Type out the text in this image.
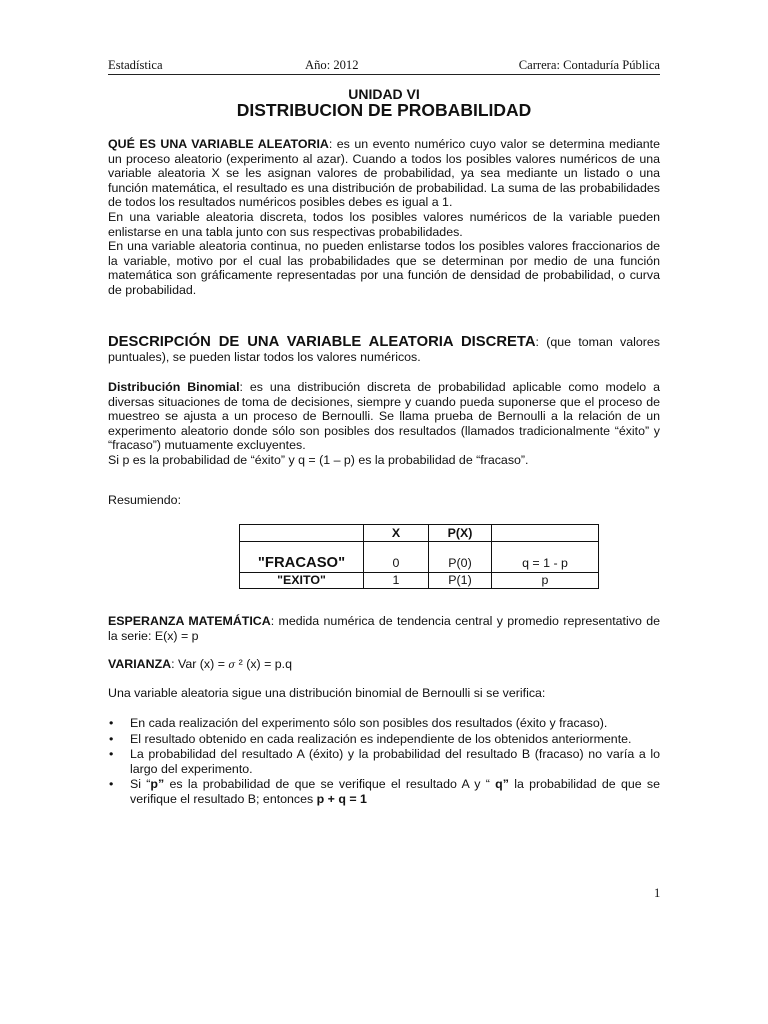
Estadística	Año: 2012	Carrera: Contaduría Pública
UNIDAD VI
DISTRIBUCION DE PROBABILIDAD

QUÉ ES UNA VARIABLE ALEATORIA: es un evento numérico cuyo valor se determina mediante un proceso aleatorio (experimento al azar). Cuando a todos los posibles valores numéricos de una variable aleatoria X se les asignan valores de probabilidad, ya sea mediante un listado o una función matemática, el resultado es una distribución de probabilidad. La suma de las probabilidades de todos los resultados numéricos posibles debes es igual a 1.
En una variable aleatoria discreta, todos los posibles valores numéricos de la variable pueden enlistarse en una tabla junto con sus respectivas probabilidades.
En una variable aleatoria continua, no pueden enlistarse todos los posibles valores fraccionarios de la variable, motivo por el cual las probabilidades que se determinan por medio de una función matemática son gráficamente representadas por una función de densidad de probabilidad, o curva de probabilidad.

DESCRIPCIÓN DE UNA VARIABLE ALEATORIA DISCRETA: (que toman valores puntuales), se pueden listar todos los valores numéricos.

Distribución Binomial: es una distribución discreta de probabilidad aplicable como modelo a diversas situaciones de toma de decisiones, siempre y cuando pueda suponerse que el proceso de muestreo se ajusta a un proceso de Bernoulli. Se llama prueba de Bernoulli a la relación de un experimento aleatorio donde sólo son posibles dos resultados (llamados tradicionalmente “éxito” y “fracaso”) mutuamente excluyentes.
Si p es la probabilidad de “éxito” y q = (1 – p) es la probabilidad de “fracaso”.

Resumiendo:

	X	P(X)	
"FRACASO"	0	P(0)	q = 1 - p
"EXITO"	1	P(1)	p

ESPERANZA MATEMÁTICA: medida numérica de tendencia central y promedio representativo de la serie: E(x) = p

VARIANZA: Var (x) = σ ² (x) = p.q

Una variable aleatoria sigue una distribución binomial de Bernoulli si se verifica:

• En cada realización del experimento sólo son posibles dos resultados (éxito y fracaso).
• El resultado obtenido en cada realización es independiente de los obtenidos anteriormente.
• La probabilidad del resultado A (éxito) y la probabilidad del resultado B (fracaso) no varía a lo largo del experimento.
• Si “p” es la probabilidad de que se verifique el resultado A y “ q” la probabilidad de que se verifique el resultado B; entonces p + q = 1
1
